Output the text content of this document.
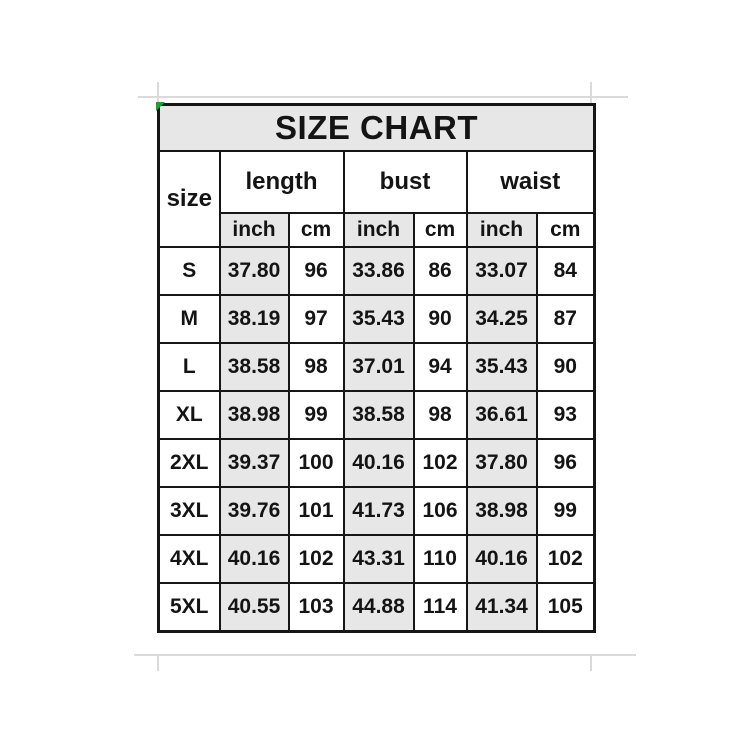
SIZE CHART						
size	length		bust		waist	
	inch	cm	inch	cm	inch	cm
S	37.80	96	33.86	86	33.07	84
M	38.19	97	35.43	90	34.25	87
L	38.58	98	37.01	94	35.43	90
XL	38.98	99	38.58	98	36.61	93
2XL	39.37	100	40.16	102	37.80	96
3XL	39.76	101	41.73	106	38.98	99
4XL	40.16	102	43.31	110	40.16	102
5XL	40.55	103	44.88	114	41.34	105
